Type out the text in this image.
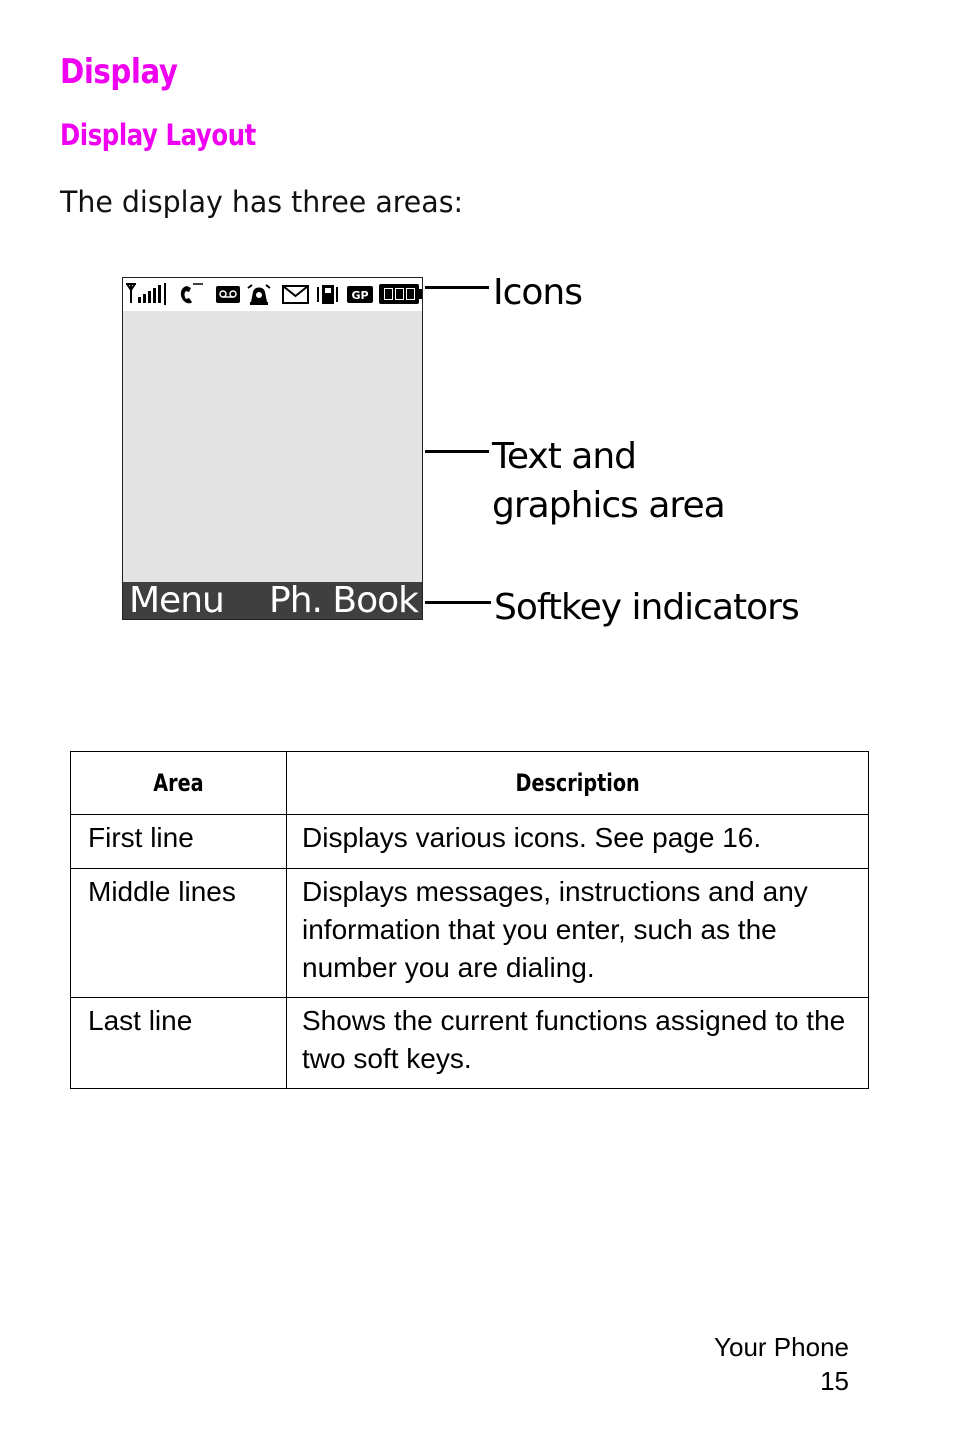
Display
Display Layout

The display has three areas:

GP
Menu Ph. Book
Icons
Text and
graphics area
Softkey indicators
Area	Description
First line	Displays various icons. See page 16.
Middle lines	Displays messages, instructions and any information that you enter, such as the number you are dialing.
Last line	Shows the current functions assigned to the two soft keys.
Your Phone
15
